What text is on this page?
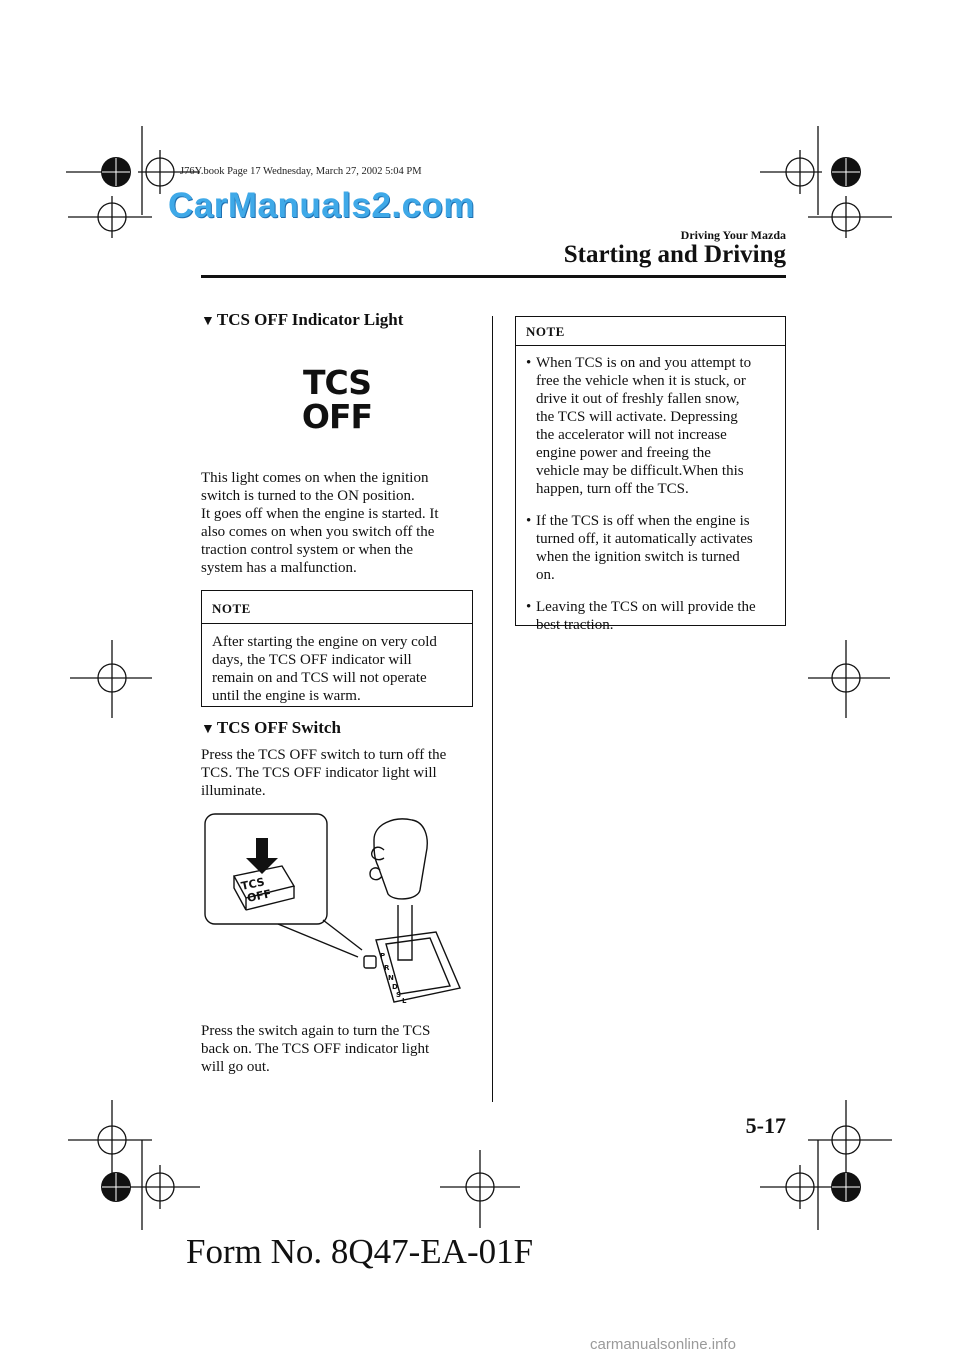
J76Y.book Page 17 Wednesday, March 27, 2002 5:04 PM
CarManuals2.com
Driving Your Mazda
Starting and Driving
▼ TCS OFF Indicator Light
TCS
OFF

This light comes on when the ignition

switch is turned to the ON position.

It goes off when the engine is started. It

also comes on when you switch off the

traction control system or when the

system has a malfunction.

NOTE
After starting the engine on very cold
days, the TCS OFF indicator will
remain on and TCS will not operate
until the engine is warm.
▼ TCS OFF Switch

Press the TCS OFF switch to turn off the

TCS. The TCS OFF indicator light will

illuminate.

TCS
OFF
P
R
N
D
S
L

Press the switch again to turn the TCS

back on. The TCS OFF indicator light

will go out.

NOTE
• When TCS is on and you attempt to
free the vehicle when it is stuck, or
drive it out of freshly fallen snow,
the TCS will activate. Depressing
the accelerator will not increase
engine power and freeing the
vehicle may be difficult.When this
happen, turn off the TCS.
• If the TCS is off when the engine is
turned off, it automatically activates
when the ignition switch is turned
on.
• Leaving the TCS on will provide the
best traction.
5-17
Form No. 8Q47-EA-01F
carmanualsonline.info
